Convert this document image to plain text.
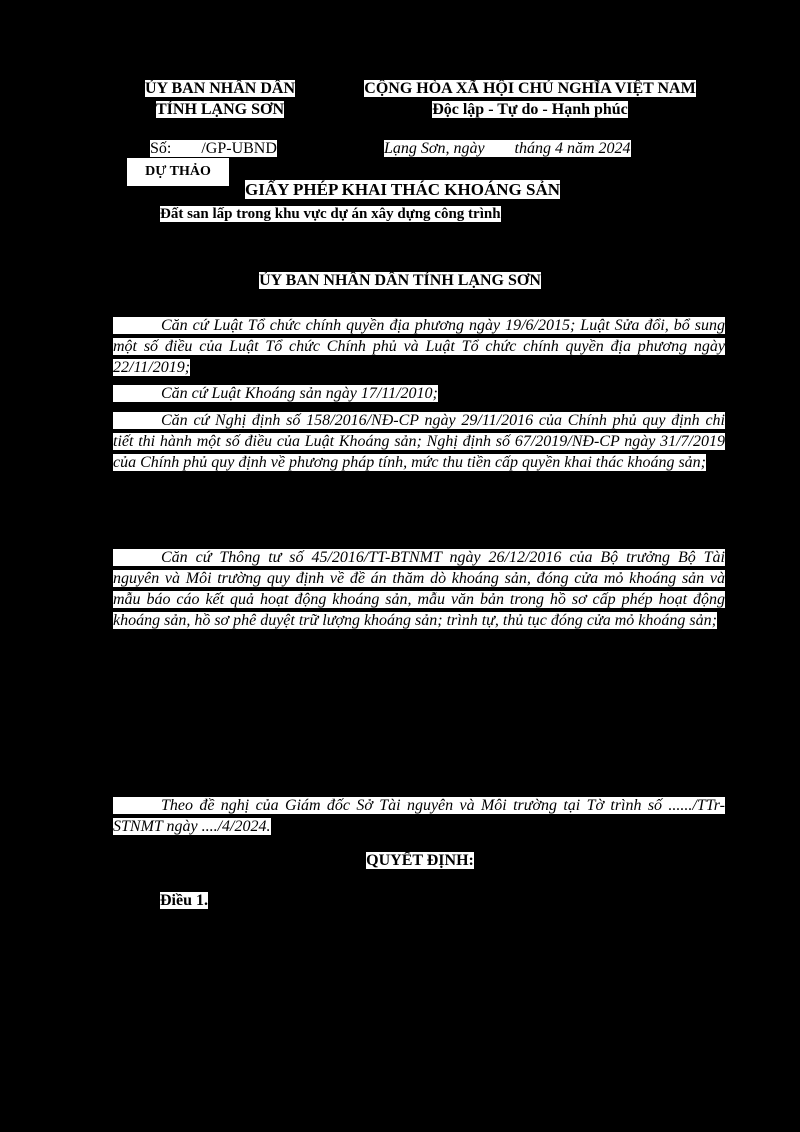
ỦY BAN NHÂN DÂN
TỈNH LẠNG SƠN
CỘNG HÒA XÃ HỘI CHỦ NGHĨA VIỆT NAM
Độc lập - Tự do - Hạnh phúc
Số: /GP-UBND	Lạng Sơn, ngày tháng 4 năm 2024
DỰ THẢO
GIẤY PHÉP KHAI THÁC KHOÁNG SẢN
Đất san lấp trong khu vực dự án xây dựng công trình
ỦY BAN NHÂN DÂN TỈNH LẠNG SƠN
Căn cứ Luật Tổ chức chính quyền địa phương ngày 19/6/2015; Luật Sửa đổi, bổ sung một số điều của Luật Tổ chức Chính phủ và Luật Tổ chức chính quyền địa phương ngày 22/11/2019;
Căn cứ Luật Khoáng sản ngày 17/11/2010;
Căn cứ Nghị định số 158/2016/NĐ-CP ngày 29/11/2016 của Chính phủ quy định chi tiết thi hành một số điều của Luật Khoáng sản; Nghị định số 67/2019/NĐ-CP ngày 31/7/2019 của Chính phủ quy định về phương pháp tính, mức thu tiền cấp quyền khai thác khoáng sản;
Căn cứ Thông tư số 45/2016/TT-BTNMT ngày 26/12/2016 của Bộ trưởng Bộ Tài nguyên và Môi trường quy định về đề án thăm dò khoáng sản, đóng cửa mỏ khoáng sản và mẫu báo cáo kết quả hoạt động khoáng sản, mẫu văn bản trong hồ sơ cấp phép hoạt động khoáng sản, hồ sơ phê duyệt trữ lượng khoáng sản; trình tự, thủ tục đóng cửa mỏ khoáng sản;
Theo đề nghị của Giám đốc Sở Tài nguyên và Môi trường tại Tờ trình số ....../TTr-STNMT ngày ..../4/2024.
QUYẾT ĐỊNH:
Điều 1.
